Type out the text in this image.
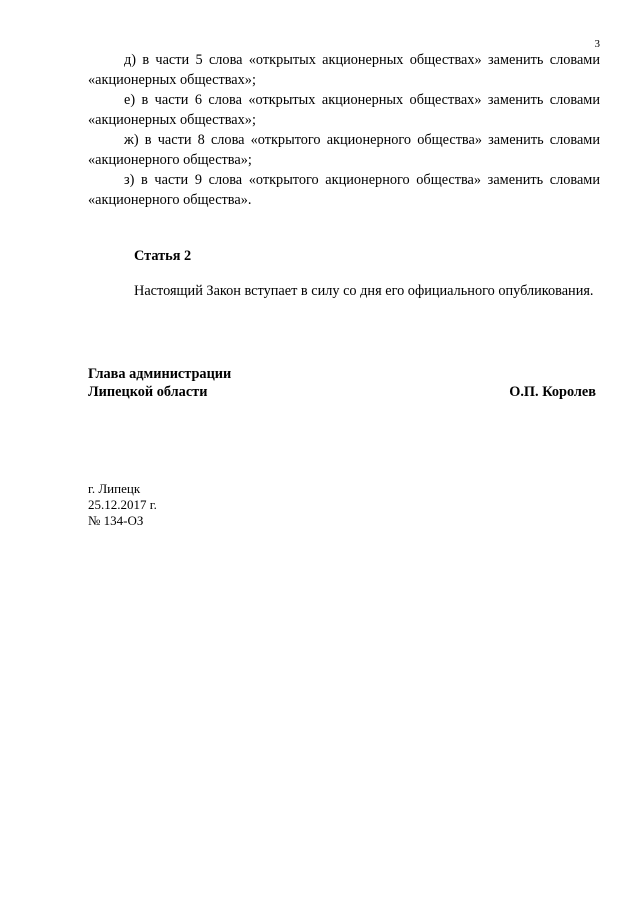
3

д) в части 5 слова «открытых акционерных обществах» заменить словами «акционерных обществах»;

е) в части 6 слова «открытых акционерных обществах» заменить словами «акционерных обществах»;

ж) в части 8 слова «открытого акционерного общества» заменить словами «акционерного общества»;

з) в части 9 слова «открытого акционерного общества» заменить словами «акционерного общества».

Статья 2

Настоящий Закон вступает в силу со дня его официального опубликования.

Глава администрации
Липецкой области	О.П. Королев
г. Липецк
25.12.2017 г.
№ 134-ОЗ
